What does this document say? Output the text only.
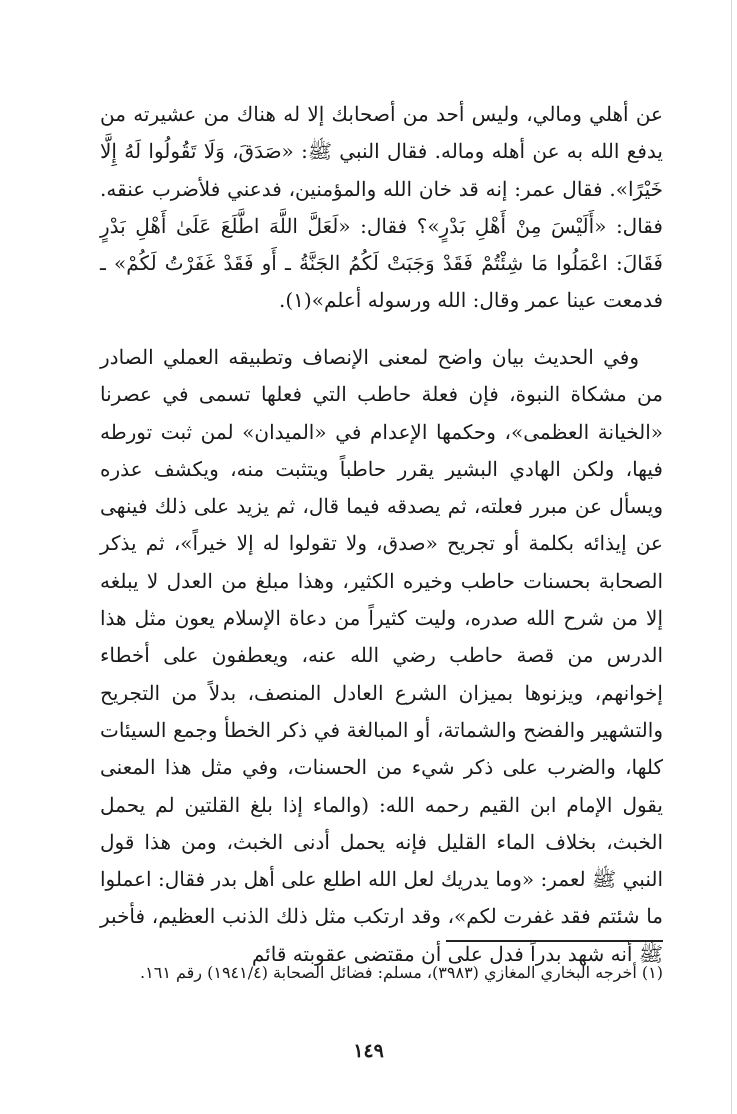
عن أهلي ومالي، وليس أحد من أصحابك إلا له هناك من عشيرته من يدفع الله به عن أهله وماله. فقال النبي ﷺ: «صَدَقَ، وَلَا تَقُولُوا لَهُ إِلَّا خَيْرًا». فقال عمر: إنه قد خان الله والمؤمنين، فدعني فلأضرب عنقه. فقال: «أَلَيْسَ مِنْ أَهْلِ بَدْرٍ»؟ فقال: «لَعَلَّ اللَّهَ اطَّلَعَ عَلَىٰ أَهْلِ بَدْرٍ فَقَالَ: اعْمَلُوا مَا شِئْتُمْ فَقَدْ وَجَبَتْ لَكُمُ الجَنَّةُ ـ أَو فَقَدْ غَفَرْتُ لَكُمْ» ـ فدمعت عينا عمر وقال: الله ورسوله أعلم»(١).

وفي الحديث بيان واضح لمعنى الإنصاف وتطبيقه العملي الصادر من مشكاة النبوة، فإن فعلة حاطب التي فعلها تسمى في عصرنا «الخيانة العظمى»، وحكمها الإعدام في «الميدان» لمن ثبت تورطه فيها، ولكن الهادي البشير يقرر حاطباً ويتثبت منه، ويكشف عذره ويسأل عن مبرر فعلته، ثم يصدقه فيما قال، ثم يزيد على ذلك فينهى عن إيذائه بكلمة أو تجريح «صدق، ولا تقولوا له إلا خيراً»، ثم يذكر الصحابة بحسنات حاطب وخيره الكثير، وهذا مبلغ من العدل لا يبلغه إلا من شرح الله صدره، وليت كثيراً من دعاة الإسلام يعون مثل هذا الدرس من قصة حاطب رضي الله عنه، ويعطفون على أخطاء إخوانهم، ويزنوها بميزان الشرع العادل المنصف، بدلاً من التجريح والتشهير والفضح والشماتة، أو المبالغة في ذكر الخطأ وجمع السيئات كلها، والضرب على ذكر شيء من الحسنات، وفي مثل هذا المعنى يقول الإمام ابن القيم رحمه الله: (والماء إذا بلغ القلتين لم يحمل الخبث، بخلاف الماء القليل فإنه يحمل أدنى الخبث، ومن هذا قول النبي ﷺ لعمر: «وما يدريك لعل الله اطلع على أهل بدر فقال: اعملوا ما شئتم فقد غفرت لكم»، وقد ارتكب مثل ذلك الذنب العظيم، فأخبر ﷺ أنه شهد بدراً فدل على أن مقتضى عقوبته قائم

(١) أخرجه البخاري المغازي (٣٩٨٣)، مسلم: فضائل الصحابة (١٩٤١/٤) رقم ١٦١.

١٤٩
